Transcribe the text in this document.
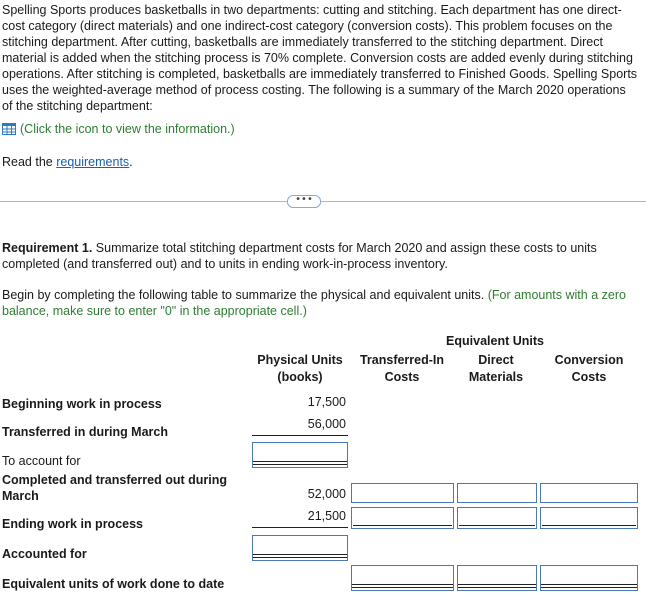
Spelling Sports produces basketballs in two departments: cutting and stitching. Each department has one direct-cost category (direct materials) and one indirect-cost category (conversion costs). This problem focuses on the stitching department. After cutting, basketballs are immediately transferred to the stitching department. Direct material is added when the stitching process is 70% complete. Conversion costs are added evenly during stitching operations. After stitching is completed, basketballs are immediately transferred to Finished Goods. Spelling Sports uses the weighted-average method of process costing. The following is a summary of the March 2020 operations of the stitching department:
(Click the icon to view the information.)
Read the requirements.
•••
Requirement 1. Summarize total stitching department costs for March 2020 and assign these costs to units completed (and transferred out) and to units in ending work-in-process inventory.
Begin by completing the following table to summarize the physical and equivalent units. (For amounts with a zero balance, make sure to enter "0" in the appropriate cell.)
Equivalent Units
Physical Units
(books)
Transferred-In
Costs
Direct
Materials
Conversion
Costs
Beginning work in process	17,500
Transferred in during March
56,000
To account for
Completed and transferred out during March	52,000
Ending work in process
21,500
Accounted for
Equivalent units of work done to date
